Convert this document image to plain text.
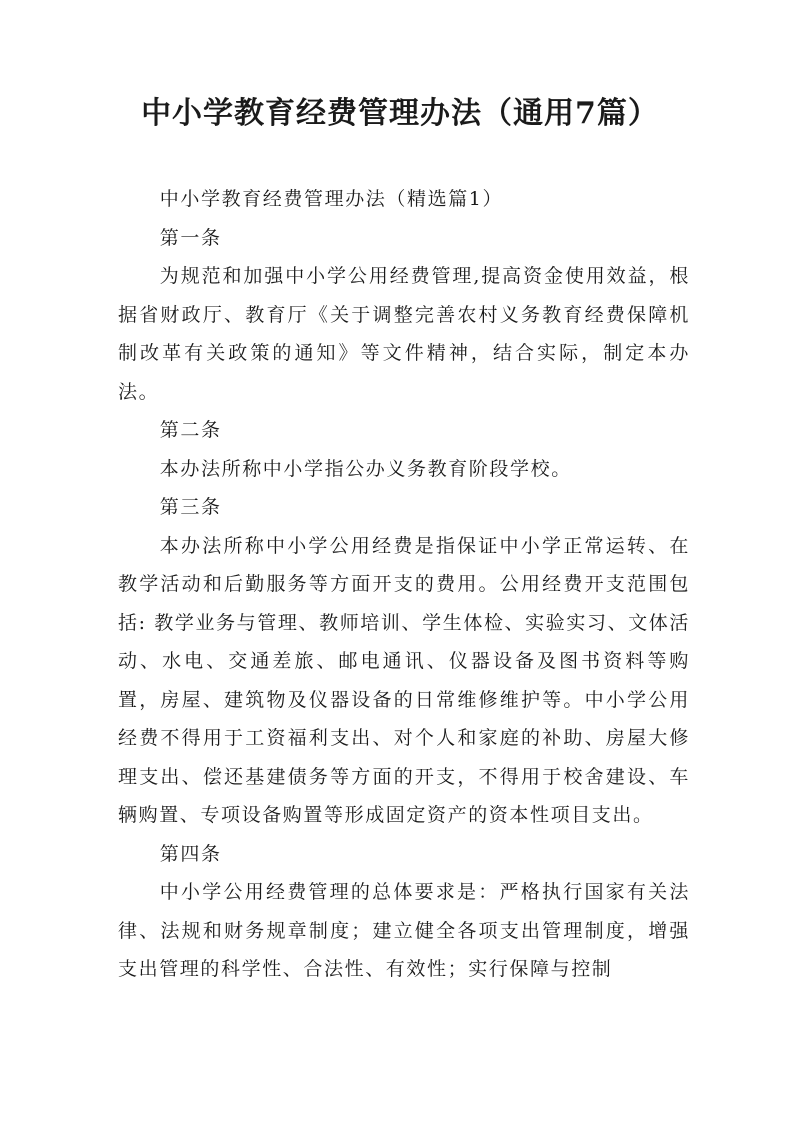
中小学教育经费管理办法（通用7篇）

中小学教育经费管理办法（精选篇1）

第一条

为规范和加强中小学公用经费管理,提高资金使用效益，根据省财政厅、教育厅《关于调整完善农村义务教育经费保障机制改革有关政策的通知》等文件精神，结合实际，制定本办法。

第二条

本办法所称中小学指公办义务教育阶段学校。

第三条

本办法所称中小学公用经费是指保证中小学正常运转、在教学活动和后勤服务等方面开支的费用。公用经费开支范围包括: 教学业务与管理、教师培训、学生体检、实验实习、文体活动、水电、交通差旅、邮电通讯、仪器设备及图书资料等购置，房屋、建筑物及仪器设备的日常维修维护等。中小学公用经费不得用于工资福利支出、对个人和家庭的补助、房屋大修理支出、偿还基建债务等方面的开支，不得用于校舍建设、车辆购置、专项设备购置等形成固定资产的资本性项目支出。

第四条

中小学公用经费管理的总体要求是：严格执行国家有关法律、法规和财务规章制度；建立健全各项支出管理制度，增强支出管理的科学性、合法性、有效性；实行保障与控制
